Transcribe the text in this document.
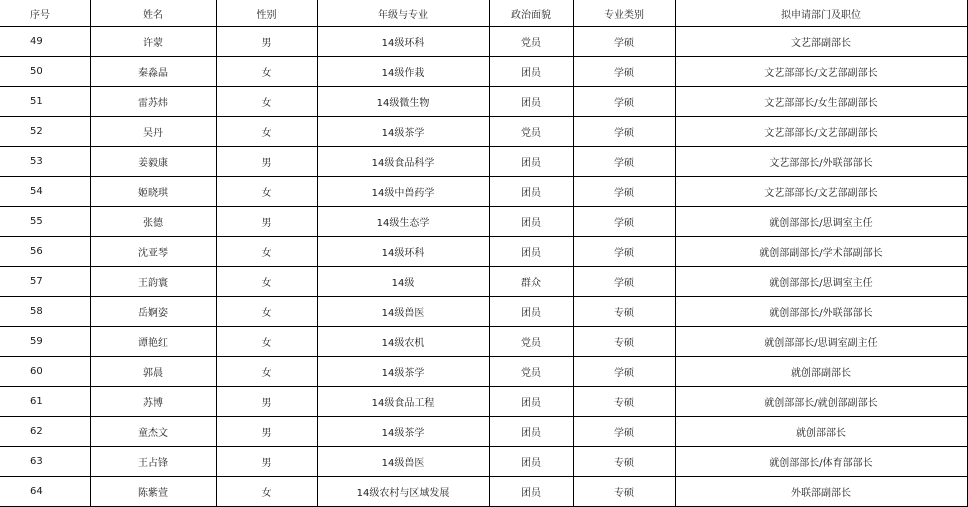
序号	姓名	性别	年级与专业	政治面貌	专业类别	拟申请部门及职位
49	许蒙	男	14级环科	党员	学硕	文艺部副部长
50	秦淼晶	女	14级作栽	团员	学硕	文艺部部长/文艺部副部长
51	雷苏炜	女	14级微生物	团员	学硕	文艺部部长/女生部副部长
52	吴丹	女	14级茶学	党员	学硕	文艺部部长/文艺部副部长
53	姜毅康	男	14级食品科学	团员	学硕	文艺部部长/外联部部长
54	姬晓琪	女	14级中兽药学	团员	学硕	文艺部部长/文艺部副部长
55	张德	男	14级生态学	团员	学硕	就创部部长/思调室主任
56	沈亚琴	女	14级环科	团员	学硕	就创部副部长/学术部副部长
57	王韵寰	女	14级	群众	学硕	就创部部长/思调室主任
58	岳婀姿	女	14级兽医	团员	专硕	就创部部长/外联部部长
59	谭艳红	女	14级农机	党员	专硕	就创部部长/思调室副主任
60	郭晨	女	14级茶学	党员	学硕	就创部副部长
61	苏博	男	14级食品工程	团员	专硕	就创部部长/就创部副部长
62	童杰文	男	14级茶学	团员	学硕	就创部部长
63	王占锋	男	14级兽医	团员	专硕	就创部部长/体育部部长
64	陈紫萱	女	14级农村与区域发展	团员	专硕	外联部副部长
